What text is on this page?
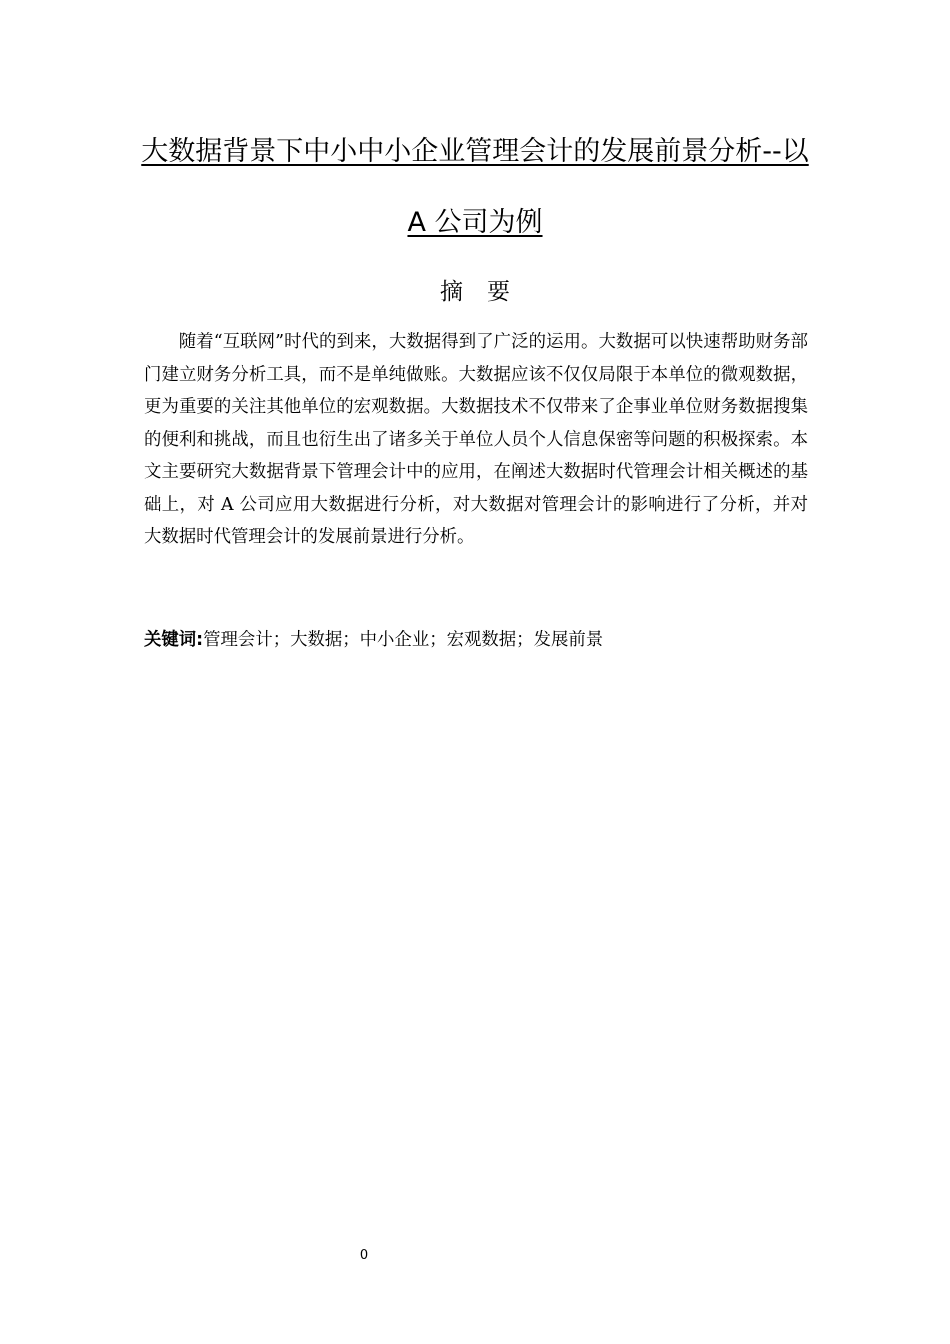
大数据背景下中小中小企业管理会计的发展前景分析--以
A 公司为例
摘要

随着“互联网”时代的到来，大数据得到了广泛的运用。大数据可以快速帮助财务部门建立财务分析工具，而不是单纯做账。大数据应该不仅仅局限于本单位的微观数据，更为重要的关注其他单位的宏观数据。大数据技术不仅带来了企事业单位财务数据搜集的便利和挑战，而且也衍生出了诸多关于单位人员个人信息保密等问题的积极探索。本文主要研究大数据背景下管理会计中的应用，在阐述大数据时代管理会计相关概述的基础上，对 A 公司应用大数据进行分析，对大数据对管理会计的影响进行了分析，并对大数据时代管理会计的发展前景进行分析。

关键词:管理会计；大数据；中小企业；宏观数据；发展前景
0
